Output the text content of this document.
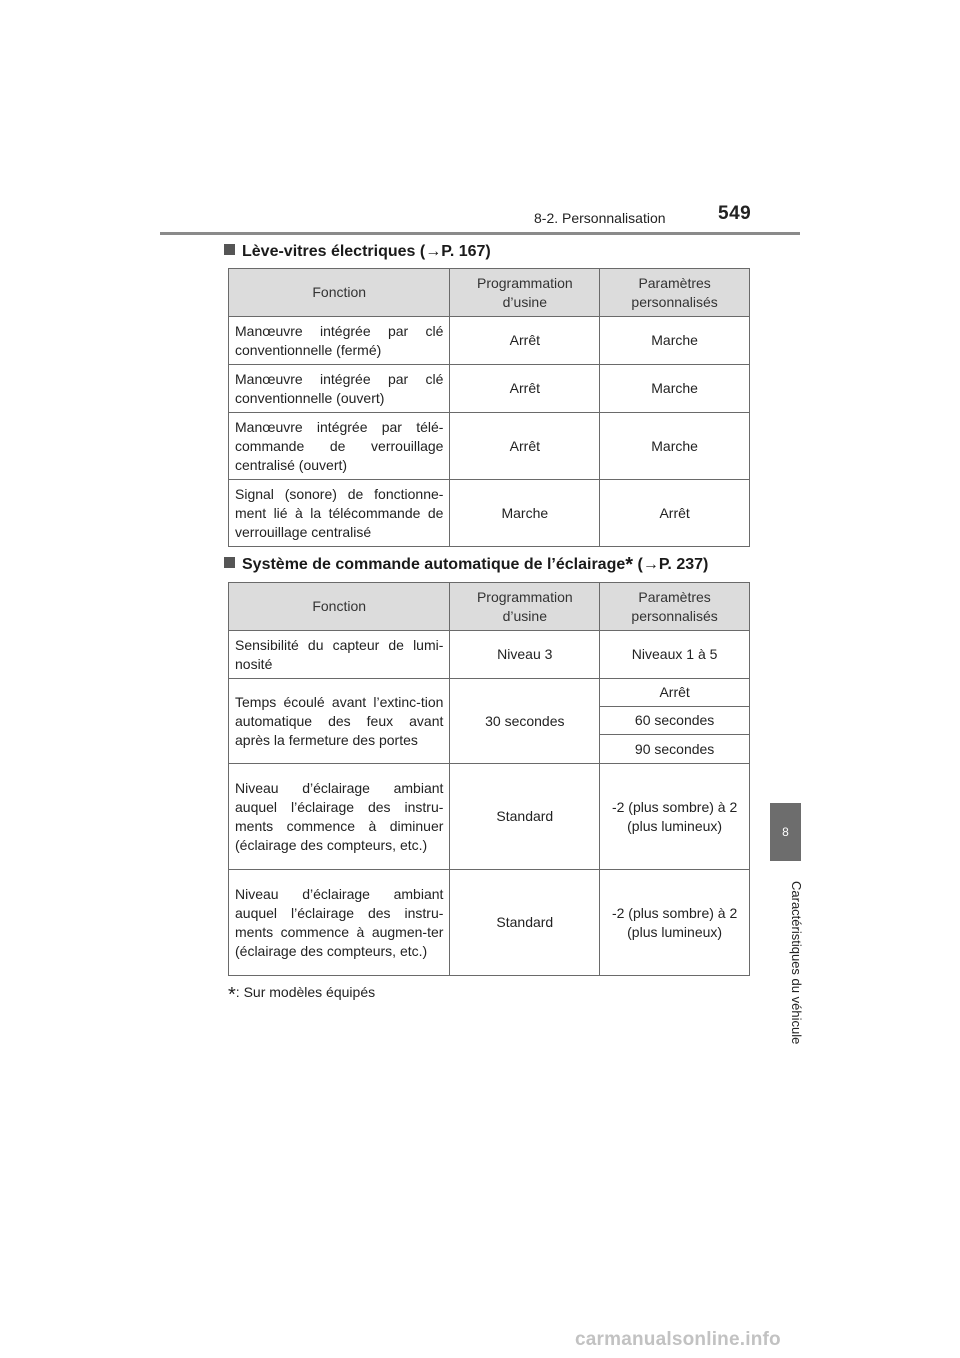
8-2. Personnalisation	549
8
Caractéristiques du véhicule
Lève-vitres électriques (→P. 167)
Fonction	Programmation d’usine	Paramètres personnalisés
Manœuvre intégrée par clé conventionnelle (fermé)	Arrêt	Marche
Manœuvre intégrée par clé conventionnelle (ouvert)	Arrêt	Marche
Manœuvre intégrée par télé-commande de verrouillage centralisé (ouvert)	Arrêt	Marche
Signal (sonore) de fonctionne-ment lié à la télécommande de verrouillage centralisé	Marche	Arrêt
Système de commande automatique de l’éclairage* (→P. 237)
Fonction	Programmation d’usine	Paramètres personnalisés
Sensibilité du capteur de lumi-nosité	Niveau 3	Niveaux 1 à 5
Temps écoulé avant l’extinc-tion automatique des feux avant après la fermeture des portes	30 secondes	Arrêt
		60 secondes
		90 secondes
Niveau d’éclairage ambiant auquel l’éclairage des instru-ments commence à diminuer (éclairage des compteurs, etc.)	Standard	-2 (plus sombre) à 2 (plus lumineux)
Niveau d’éclairage ambiant auquel l’éclairage des instru-ments commence à augmen-ter (éclairage des compteurs, etc.)	Standard	-2 (plus sombre) à 2 (plus lumineux)
*: Sur modèles équipés
carmanualsonline.info
